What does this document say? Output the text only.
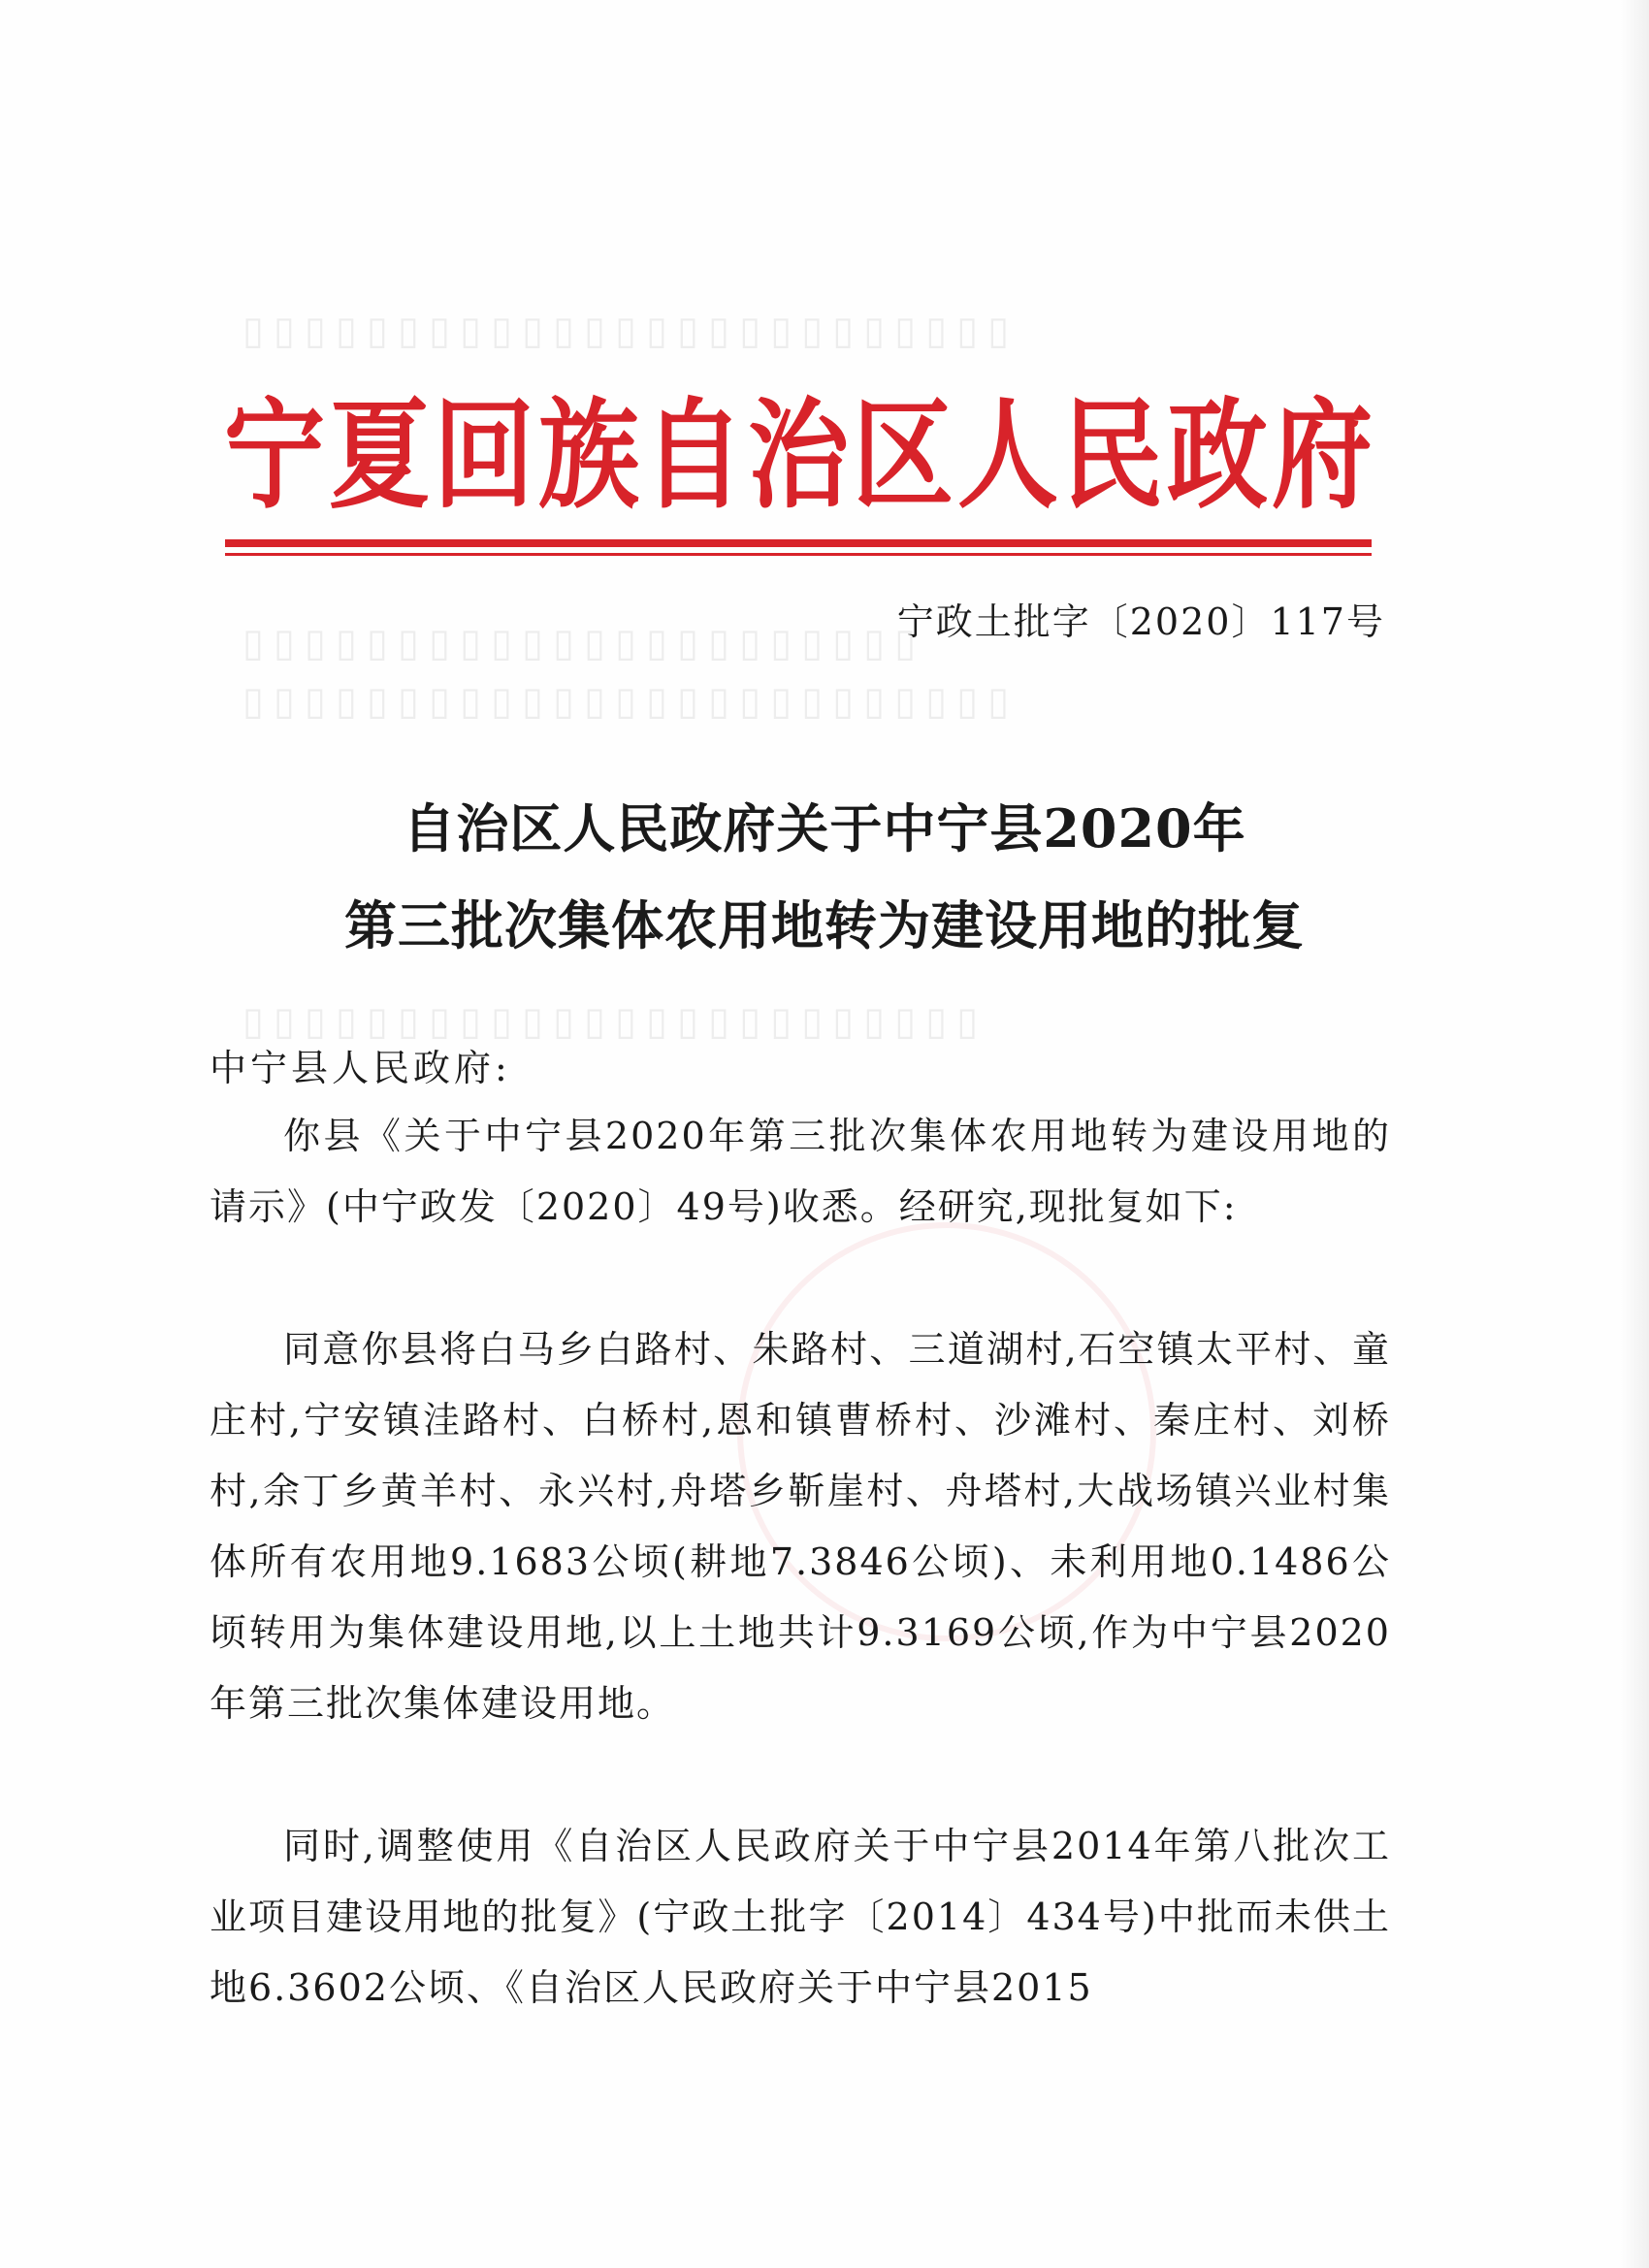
▯▯▯▯▯▯▯▯▯▯▯▯▯▯▯▯▯▯▯▯▯▯▯▯▯
▯▯▯▯▯▯▯▯▯▯▯▯▯▯▯▯▯▯▯▯▯▯
▯▯▯▯▯▯▯▯▯▯▯▯▯▯▯▯▯▯▯▯▯▯▯▯▯
▯▯▯▯▯▯▯▯▯▯▯▯▯▯▯▯▯▯▯▯▯▯▯▯
宁夏回族自治区人民政府
宁政土批字〔2020〕117号
自治区人民政府关于中宁县2020年
第三批次集体农用地转为建设用地的批复
中宁县人民政府:

你县《关于中宁县2020年第三批次集体农用地转为建设用地的请示》(中宁政发〔2020〕49号)收悉。经研究,现批复如下:

同意你县将白马乡白路村、朱路村、三道湖村,石空镇太平村、童庄村,宁安镇洼路村、白桥村,恩和镇曹桥村、沙滩村、秦庄村、刘桥村,余丁乡黄羊村、永兴村,舟塔乡靳崖村、舟塔村,大战场镇兴业村集体所有农用地9.1683公顷(耕地7.3846公顷)、未利用地0.1486公顷转用为集体建设用地,以上土地共计9.3169公顷,作为中宁县2020年第三批次集体建设用地。

同时,调整使用《自治区人民政府关于中宁县2014年第八批次工业项目建设用地的批复》(宁政土批字〔2014〕434号)中批而未供土地6.3602公顷、《自治区人民政府关于中宁县2015
